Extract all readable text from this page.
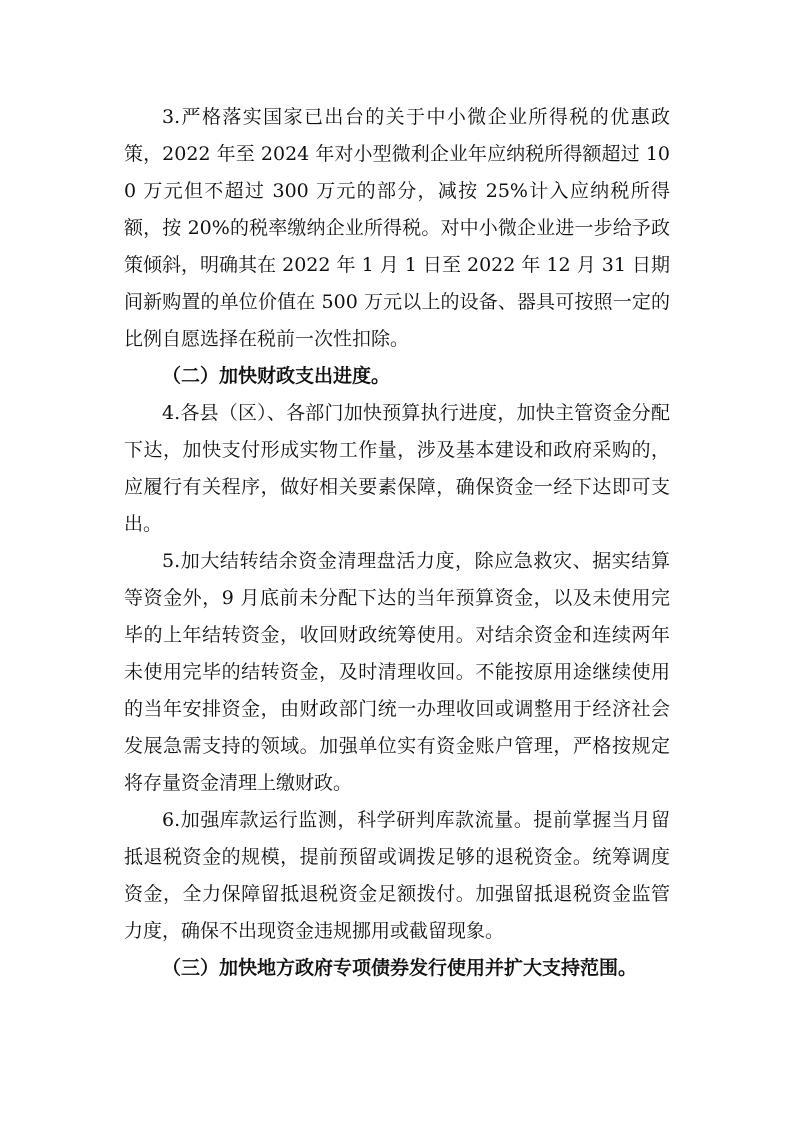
3.严格落实国家已出台的关于中小微企业所得税的优惠政策，2022 年至 2024 年对小型微利企业年应纳税所得额超过 100 万元但不超过 300 万元的部分，减按 25%计入应纳税所得额，按 20%的税率缴纳企业所得税。对中小微企业进一步给予政策倾斜，明确其在 2022 年 1 月 1 日至 2022 年 12 月 31 日期间新购置的单位价值在 500 万元以上的设备、器具可按照一定的比例自愿选择在税前一次性扣除。

（二）加快财政支出进度。

4.各县（区）、各部门加快预算执行进度，加快主管资金分配下达，加快支付形成实物工作量，涉及基本建设和政府采购的，应履行有关程序，做好相关要素保障，确保资金一经下达即可支出。

5.加大结转结余资金清理盘活力度，除应急救灾、据实结算等资金外，9 月底前未分配下达的当年预算资金，以及未使用完毕的上年结转资金，收回财政统筹使用。对结余资金和连续两年未使用完毕的结转资金，及时清理收回。不能按原用途继续使用的当年安排资金，由财政部门统一办理收回或调整用于经济社会发展急需支持的领域。加强单位实有资金账户管理，严格按规定将存量资金清理上缴财政。

6.加强库款运行监测，科学研判库款流量。提前掌握当月留抵退税资金的规模，提前预留或调拨足够的退税资金。统筹调度资金，全力保障留抵退税资金足额拨付。加强留抵退税资金监管力度，确保不出现资金违规挪用或截留现象。

（三）加快地方政府专项债券发行使用并扩大支持范围。
